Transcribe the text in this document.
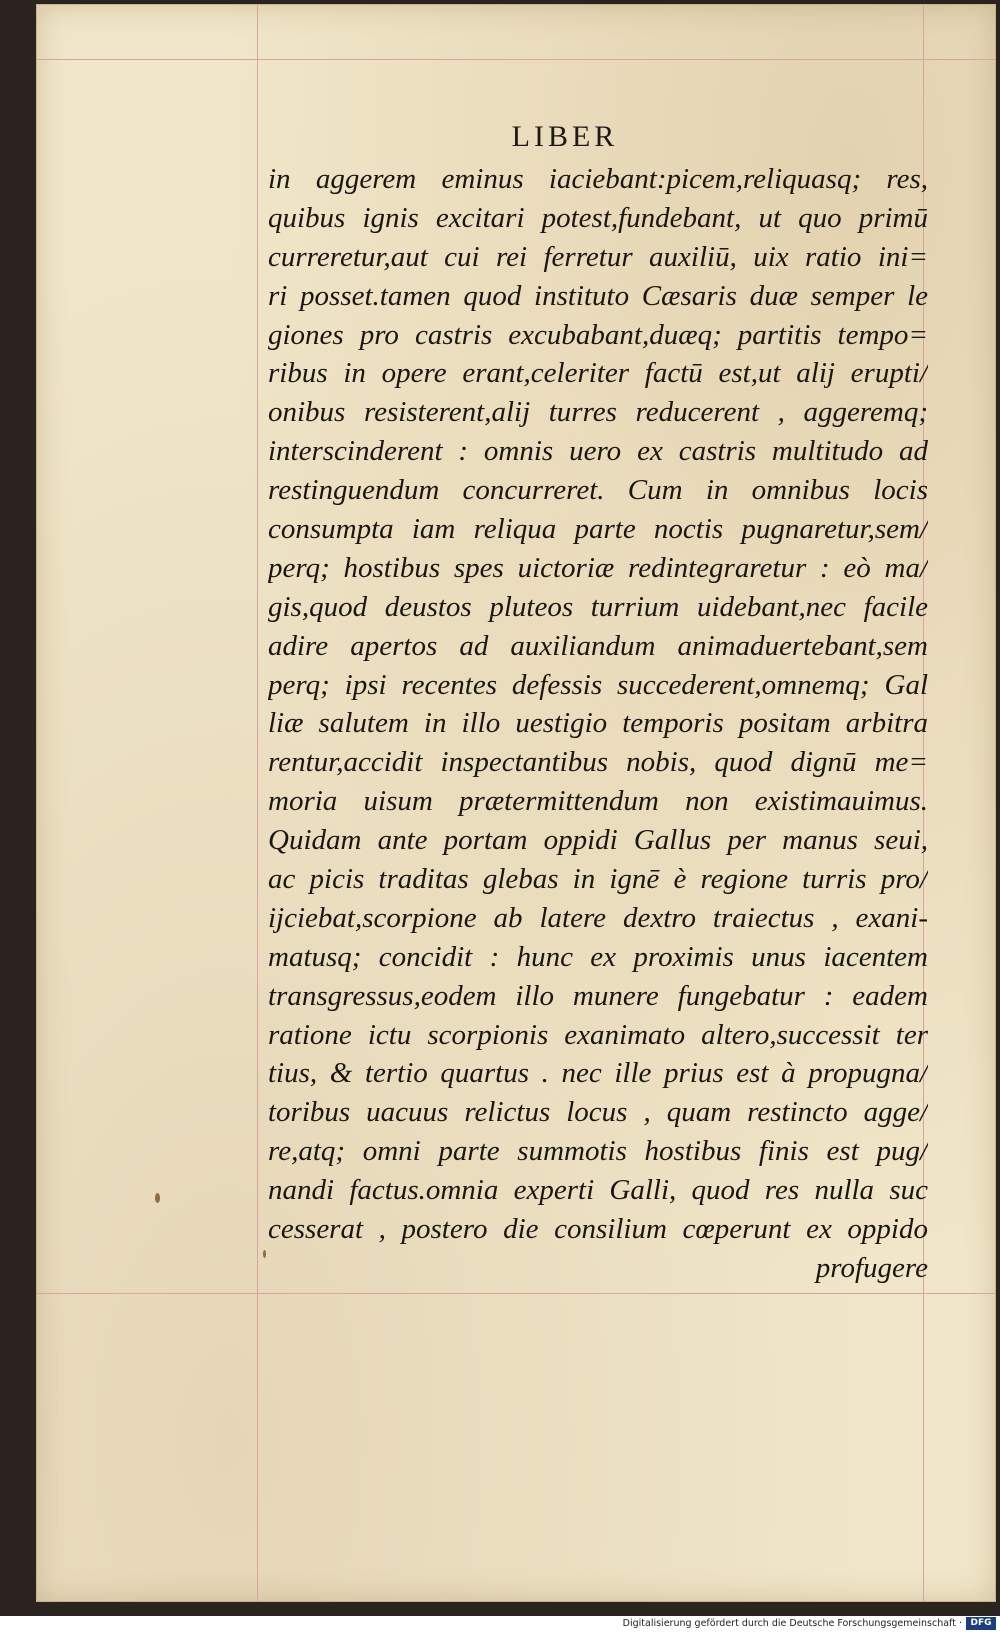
LIBER
in aggerem eminus iaciebant:picem,reliquasq; res,
quibus ignis excitari potest,fundebant, ut quo primū
curreretur,aut cui rei ferretur auxiliū, uix ratio ini=
ri posset.tamen quod instituto Cæsaris duæ semper le
giones pro castris excubabant,duæq; partitis tempo=
ribus in opere erant,celeriter factū est,ut alij erupti/
onibus resisterent,alij turres reducerent , aggeremq;
interscinderent : omnis uero ex castris multitudo ad
restinguendum concurreret. Cum in omnibus locis
consumpta iam reliqua parte noctis pugnaretur,sem/
perq; hostibus spes uictoriæ redintegraretur : eò ma/
gis,quod deustos pluteos turrium uidebant,nec facile
adire apertos ad auxiliandum animaduertebant,sem
perq; ipsi recentes defessis succederent,omnemq; Gal
liæ salutem in illo uestigio temporis positam arbitra
rentur,accidit inspectantibus nobis, quod dignū me=
moria uisum prætermittendum non existimauimus.
Quidam ante portam oppidi Gallus per manus seui,
ac picis traditas glebas in ignē è regione turris pro/
ijciebat,scorpione ab latere dextro traiectus , exani-
matusq; concidit : hunc ex proximis unus iacentem
transgressus,eodem illo munere fungebatur : eadem
ratione ictu scorpionis exanimato altero,successit ter
tius, & tertio quartus . nec ille prius est à propugna/
toribus uacuus relictus locus , quam restincto agge/
re,atq; omni parte summotis hostibus finis est pug/
nandi factus.omnia experti Galli, quod res nulla suc
cesserat , postero die consilium cœperunt ex oppido
profugere
Digitalisierung gefördert durch die Deutsche Forschungsgemeinschaft · DFG
